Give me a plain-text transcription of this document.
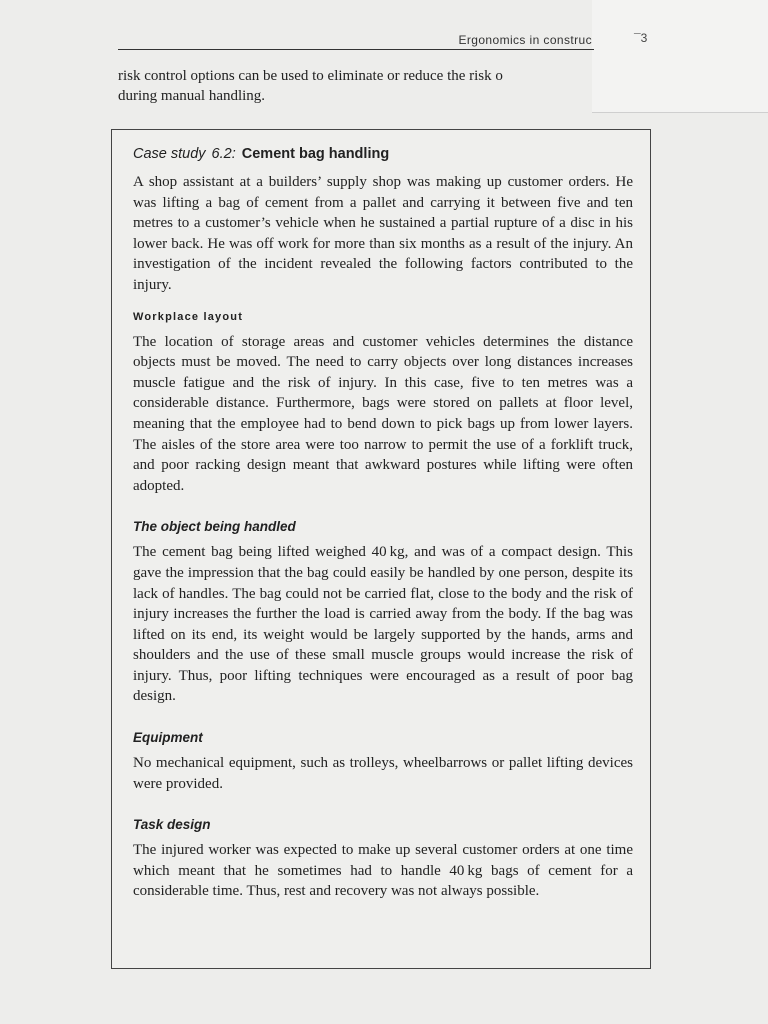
Ergonomics in construc	¯3
risk control options can be used to eliminate or reduce the risk o
during manual handling.
Case study 6.2: Cement bag handling

A shop assistant at a builders’ supply shop was making up customer orders. He was lifting a bag of cement from a pallet and carrying it between five and ten metres to a customer’s vehicle when he sustained a partial rupture of a disc in his lower back. He was off work for more than six months as a result of the injury. An investigation of the incident revealed the following factors contributed to the injury.

Workplace layout

The location of storage areas and customer vehicles determines the distance objects must be moved. The need to carry objects over long distances increases muscle fatigue and the risk of injury. In this case, five to ten metres was a considerable distance. Furthermore, bags were stored on pallets at floor level, meaning that the employee had to bend down to pick bags up from lower layers. The aisles of the store area were too narrow to permit the use of a forklift truck, and poor racking design meant that awkward postures while lifting were often adopted.

The object being handled

The cement bag being lifted weighed 40 kg, and was of a compact design. This gave the impression that the bag could easily be handled by one person, despite its lack of handles. The bag could not be carried flat, close to the body and the risk of injury increases the further the load is carried away from the body. If the bag was lifted on its end, its weight would be largely supported by the hands, arms and shoulders and the use of these small muscle groups would increase the risk of injury. Thus, poor lifting techniques were encouraged as a result of poor bag design.

Equipment

No mechanical equipment, such as trolleys, wheelbarrows or pallet lifting devices were provided.

Task design

The injured worker was expected to make up several customer orders at one time which meant that he sometimes had to handle 40 kg bags of cement for a considerable time. Thus, rest and recovery was not always possible.
